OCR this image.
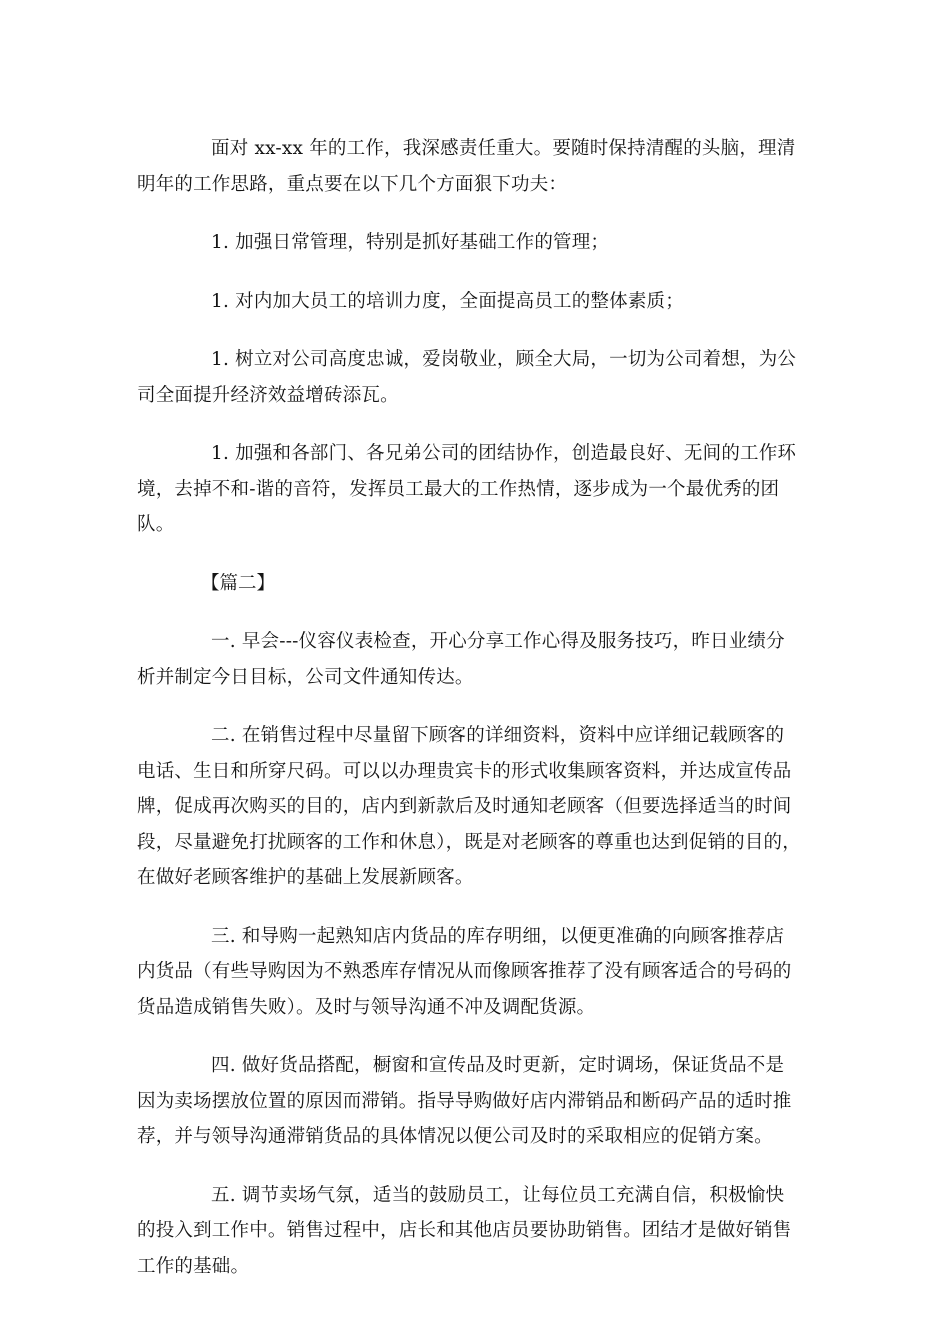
面对 xx-xx 年的工作，我深感责任重大。要随时保持清醒的头脑，理清
明年的工作思路，重点要在以下几个方面狠下功夫：

1. 加强日常管理，特别是抓好基础工作的管理；

1. 对内加大员工的培训力度，全面提高员工的整体素质；

1. 树立对公司高度忠诚，爱岗敬业，顾全大局，一切为公司着想，为公
司全面提升经济效益增砖添瓦。

1. 加强和各部门、各兄弟公司的团结协作，创造最良好、无间的工作环
境，去掉不和-谐的音符，发挥员工最大的工作热情，逐步成为一个最优秀的团
队。

【篇二】

一. 早会---仪容仪表检查，开心分享工作心得及服务技巧，昨日业绩分
析并制定今日目标，公司文件通知传达。

二. 在销售过程中尽量留下顾客的详细资料，资料中应详细记载顾客的
电话、生日和所穿尺码。可以以办理贵宾卡的形式收集顾客资料，并达成宣传品
牌，促成再次购买的目的，店内到新款后及时通知老顾客（但要选择适当的时间
段，尽量避免打扰顾客的工作和休息），既是对老顾客的尊重也达到促销的目的，
在做好老顾客维护的基础上发展新顾客。

三. 和导购一起熟知店内货品的库存明细，以便更准确的向顾客推荐店
内货品（有些导购因为不熟悉库存情况从而像顾客推荐了没有顾客适合的号码的
货品造成销售失败）。及时与领导沟通不冲及调配货源。

四. 做好货品搭配，橱窗和宣传品及时更新，定时调场，保证货品不是
因为卖场摆放位置的原因而滞销。指导导购做好店内滞销品和断码产品的适时推
荐，并与领导沟通滞销货品的具体情况以便公司及时的采取相应的促销方案。

五. 调节卖场气氛，适当的鼓励员工，让每位员工充满自信，积极愉快
的投入到工作中。销售过程中，店长和其他店员要协助销售。团结才是做好销售
工作的基础。
